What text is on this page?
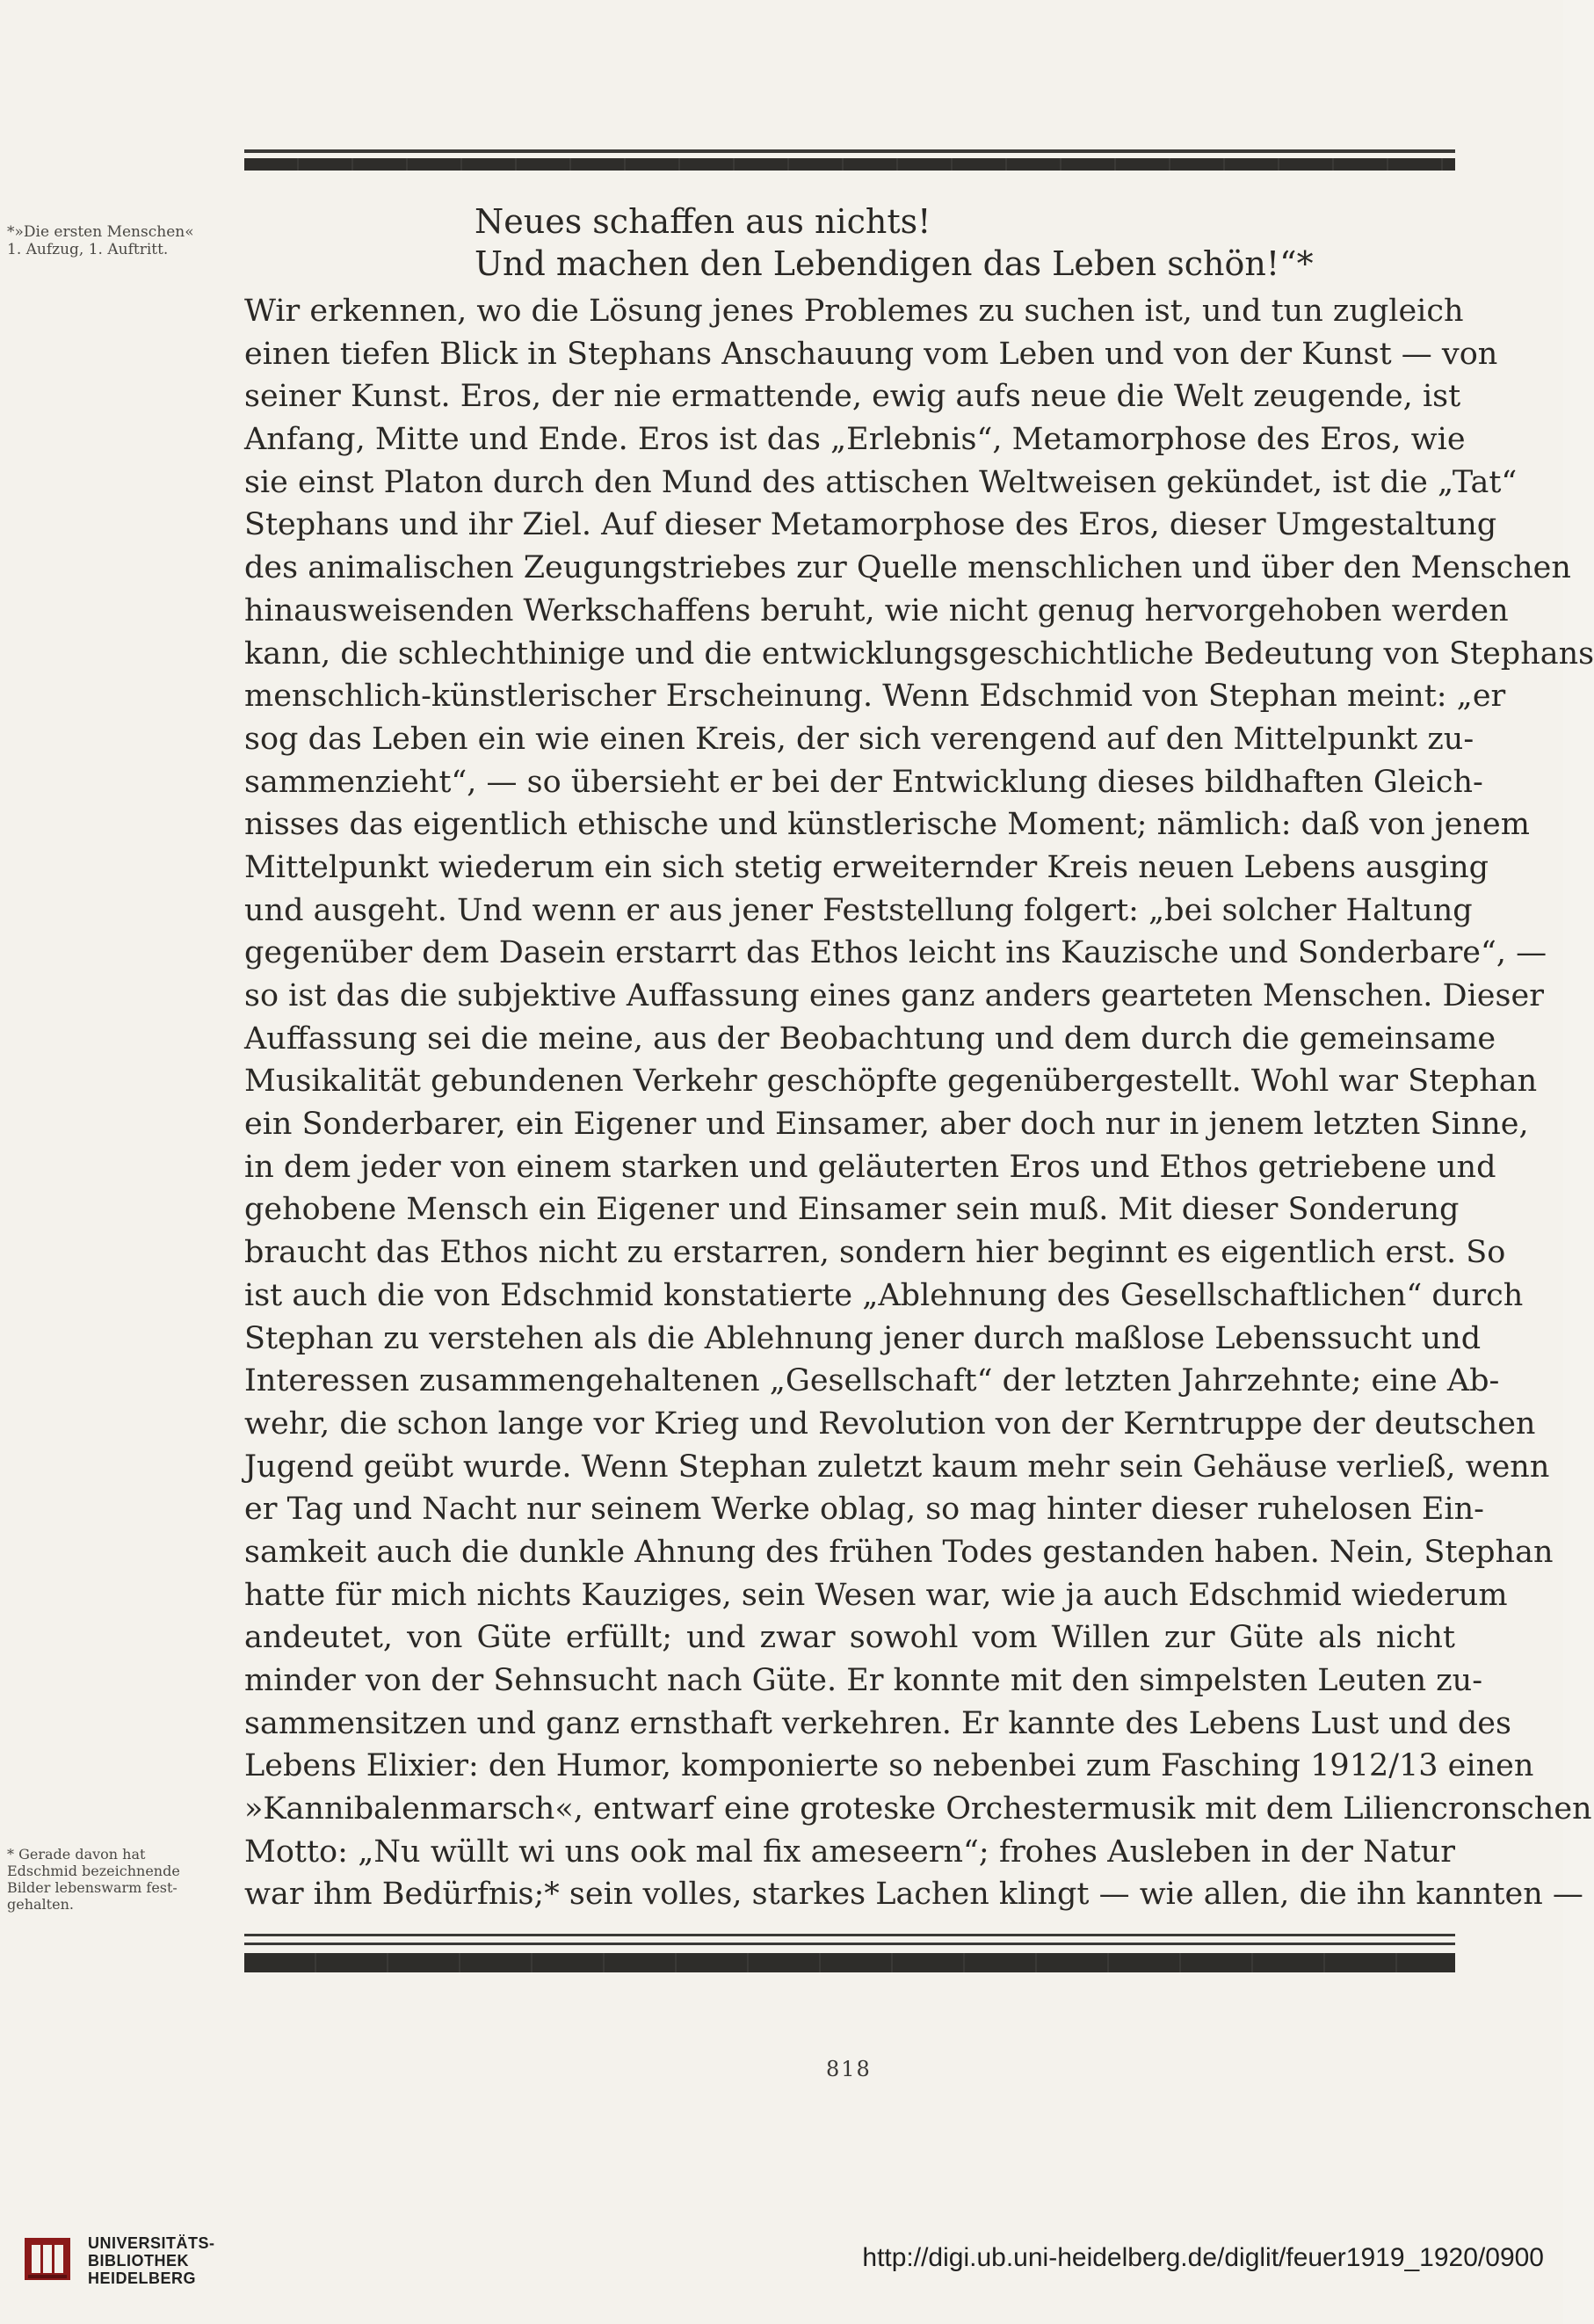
*»Die ersten Menschen«
1. Aufzug, 1. Auftritt.
Neues schaffen aus nichts!
Und machen den Lebendigen das Leben schön!“*
Wir erkennen, wo die Lösung jenes Problemes zu suchen ist, und tun zugleich
einen tiefen Blick in Stephans Anschauung vom Leben und von der Kunst — von
seiner Kunst. Eros, der nie ermattende, ewig aufs neue die Welt zeugende, ist
Anfang, Mitte und Ende. Eros ist das „Erlebnis“, Metamorphose des Eros, wie
sie einst Platon durch den Mund des attischen Weltweisen gekündet, ist die „Tat“
Stephans und ihr Ziel. Auf dieser Metamorphose des Eros, dieser Umgestaltung
des animalischen Zeugungstriebes zur Quelle menschlichen und über den Menschen
hinausweisenden Werkschaffens beruht, wie nicht genug hervorgehoben werden
kann, die schlechthinige und die entwicklungsgeschichtliche Bedeutung von Stephans
menschlich-künstlerischer Erscheinung. Wenn Edschmid von Stephan meint: „er
sog das Leben ein wie einen Kreis, der sich verengend auf den Mittelpunkt zu-
sammenzieht“, — so übersieht er bei der Entwicklung dieses bildhaften Gleich-
nisses das eigentlich ethische und künstlerische Moment; nämlich: daß von jenem
Mittelpunkt wiederum ein sich stetig erweiternder Kreis neuen Lebens ausging
und ausgeht. Und wenn er aus jener Feststellung folgert: „bei solcher Haltung
gegenüber dem Dasein erstarrt das Ethos leicht ins Kauzische und Sonderbare“, —
so ist das die subjektive Auffassung eines ganz anders gearteten Menschen. Dieser
Auffassung sei die meine, aus der Beobachtung und dem durch die gemeinsame
Musikalität gebundenen Verkehr geschöpfte gegenübergestellt. Wohl war Stephan
ein Sonderbarer, ein Eigener und Einsamer, aber doch nur in jenem letzten Sinne,
in dem jeder von einem starken und geläuterten Eros und Ethos getriebene und
gehobene Mensch ein Eigener und Einsamer sein muß. Mit dieser Sonderung
braucht das Ethos nicht zu erstarren, sondern hier beginnt es eigentlich erst. So
ist auch die von Edschmid konstatierte „Ablehnung des Gesellschaftlichen“ durch
Stephan zu verstehen als die Ablehnung jener durch maßlose Lebenssucht und
Interessen zusammengehaltenen „Gesellschaft“ der letzten Jahrzehnte; eine Ab-
wehr, die schon lange vor Krieg und Revolution von der Kerntruppe der deutschen
Jugend geübt wurde. Wenn Stephan zuletzt kaum mehr sein Gehäuse verließ, wenn
er Tag und Nacht nur seinem Werke oblag, so mag hinter dieser ruhelosen Ein-
samkeit auch die dunkle Ahnung des frühen Todes gestanden haben. Nein, Stephan
hatte für mich nichts Kauziges, sein Wesen war, wie ja auch Edschmid wiederum
andeutet, von Güte erfüllt; und zwar sowohl vom Willen zur Güte als nicht
minder von der Sehnsucht nach Güte. Er konnte mit den simpelsten Leuten zu-
sammensitzen und ganz ernsthaft verkehren. Er kannte des Lebens Lust und des
Lebens Elixier: den Humor, komponierte so nebenbei zum Fasching 1912/13 einen
»Kannibalenmarsch«, entwarf eine groteske Orchestermusik mit dem Liliencronschen
Motto: „Nu wüllt wi uns ook mal fix ameseern“; frohes Ausleben in der Natur
war ihm Bedürfnis;* sein volles, starkes Lachen klingt — wie allen, die ihn kannten —
* Gerade davon hat
Edschmid bezeichnende
Bilder lebenswarm fest-
gehalten.
818
UNIVERSITÄTS-
BIBLIOTHEK
HEIDELBERG
http://digi.ub.uni-heidelberg.de/diglit/feuer1919_1920/0900
